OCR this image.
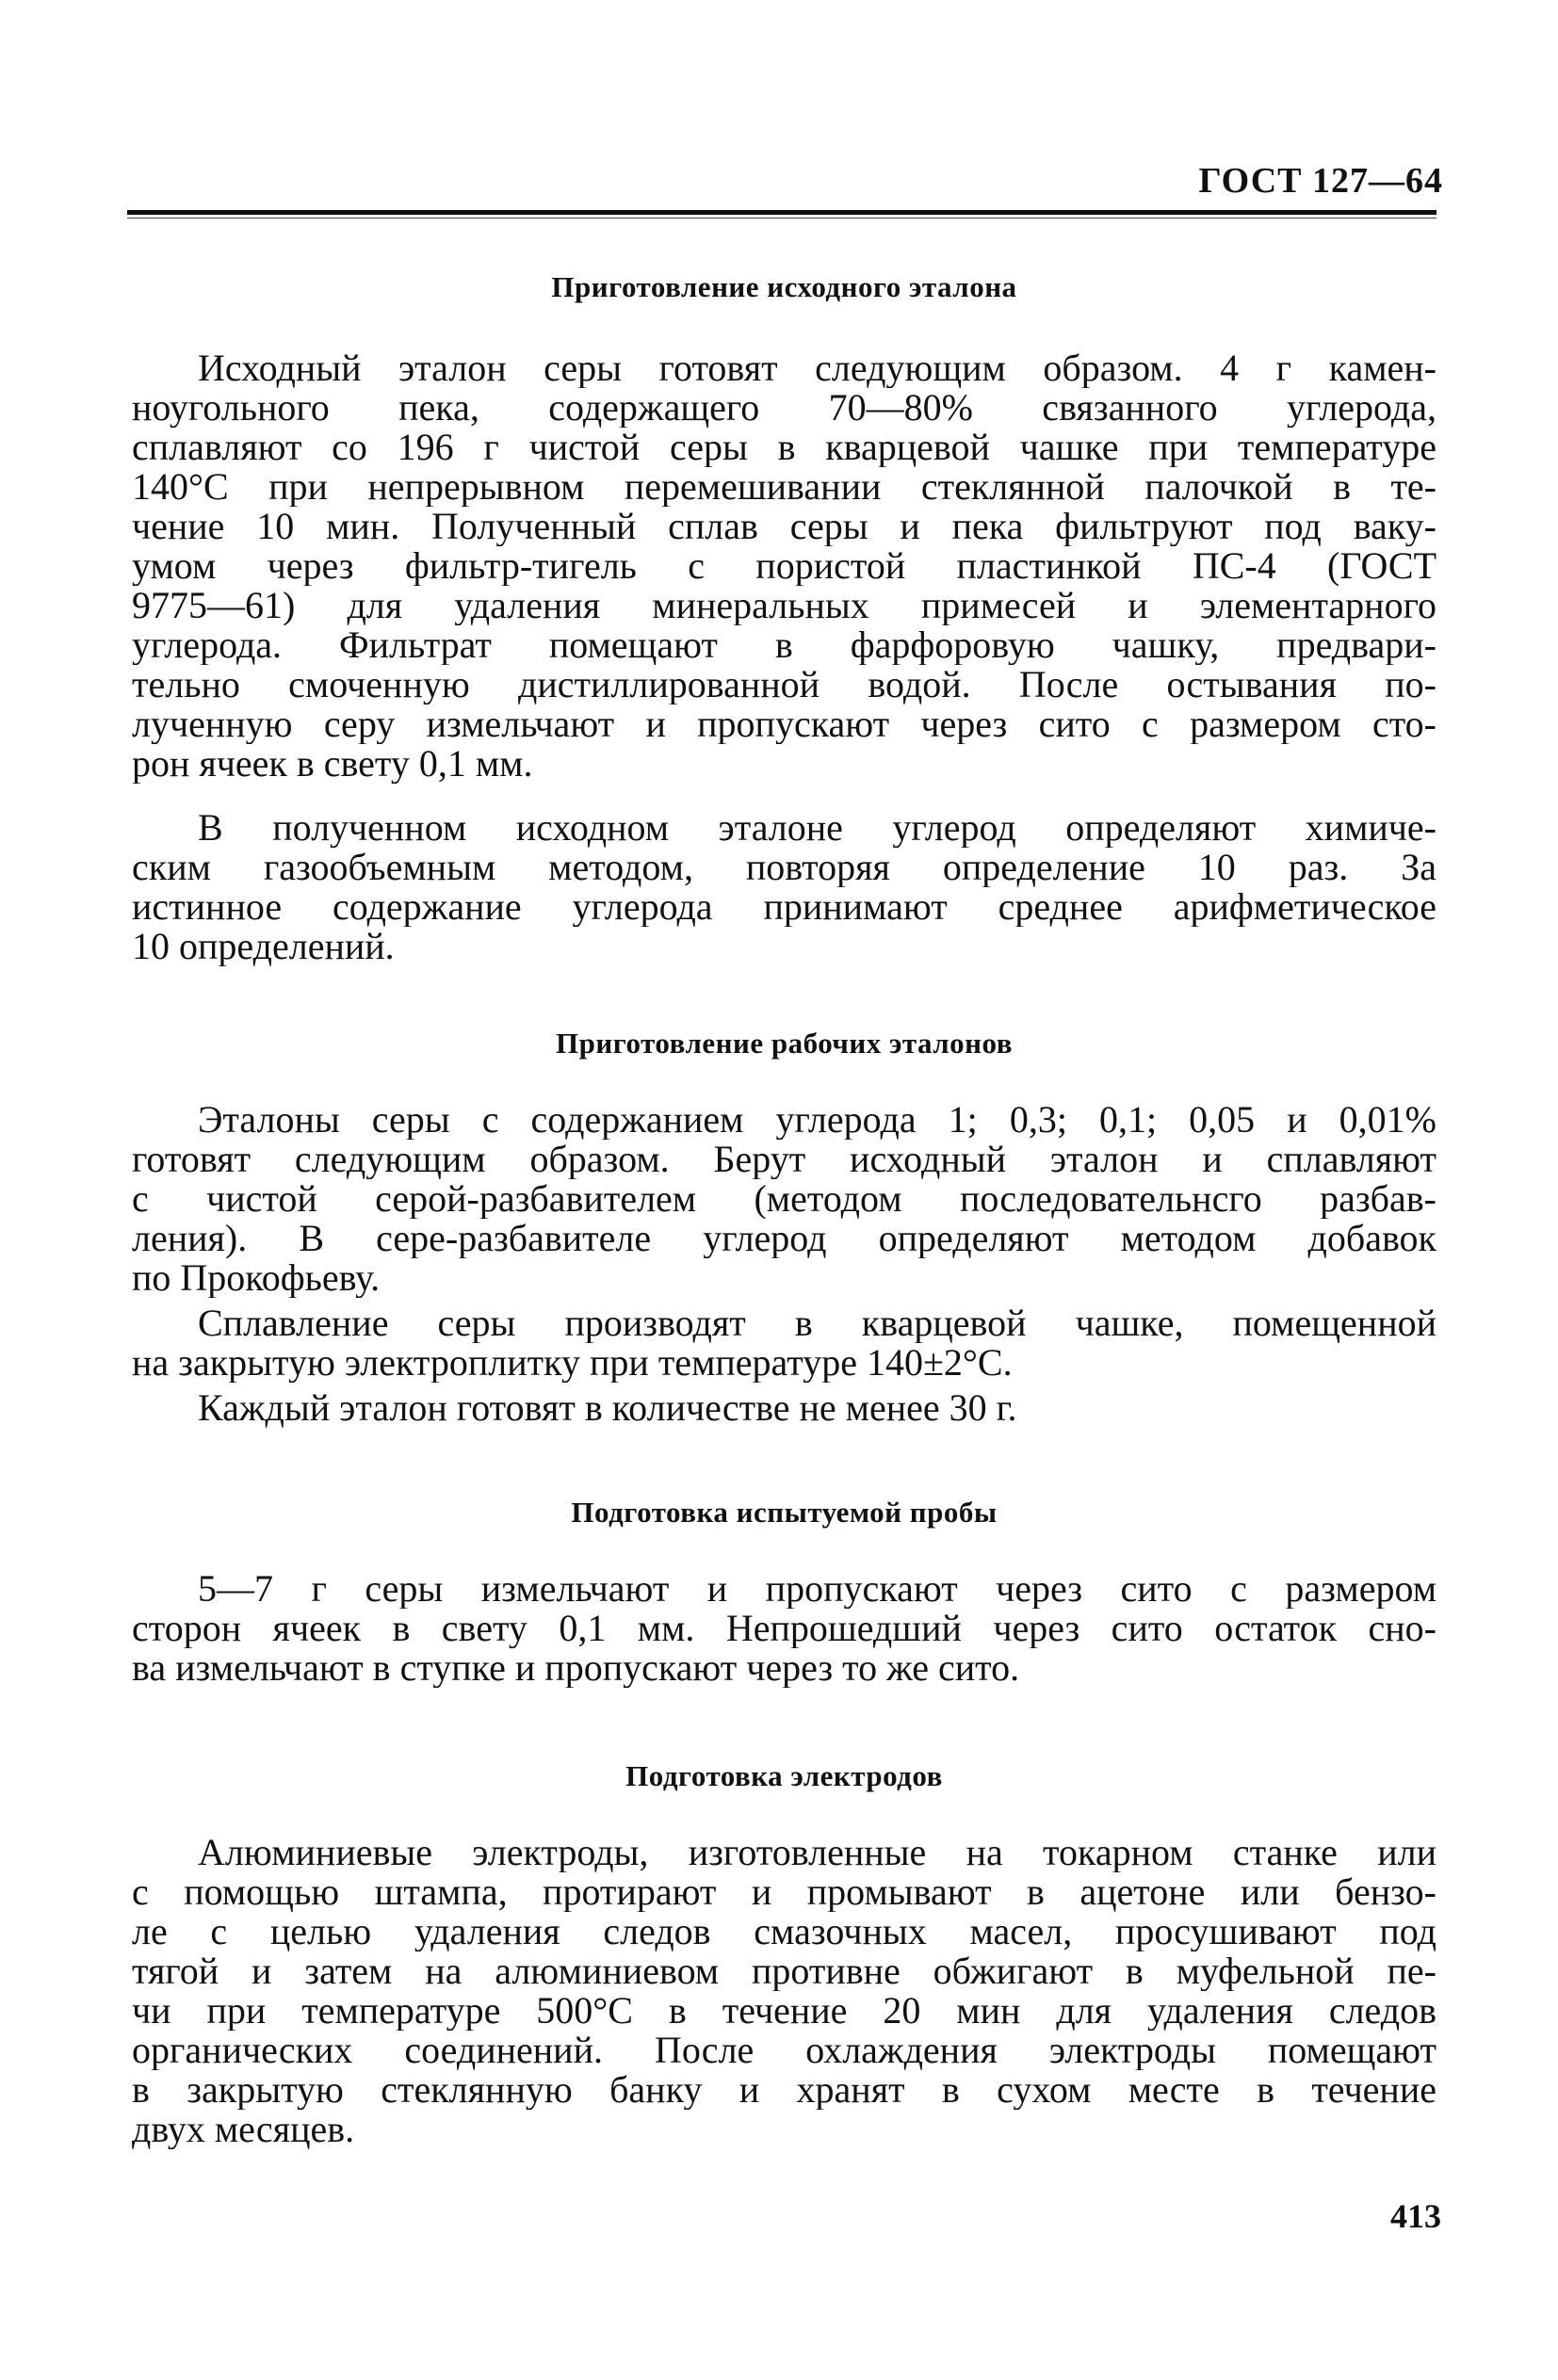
ГОСТ 127—64
Приготовление исходного эталона
Исходный эталон серы готовят следующим образом. 4 г камен-
ноугольного пека, содержащего 70—80% связанного углерода,
сплавляют со 196 г чистой серы в кварцевой чашке при температуре
140°С при непрерывном перемешивании стеклянной палочкой в те-
чение 10 мин. Полученный сплав серы и пека фильтруют под ваку-
умом через фильтр-тигель с пористой пластинкой ПС-4 (ГОСТ
9775—61) для удаления минеральных примесей и элементарного
углерода. Фильтрат помещают в фарфоровую чашку, предвари-
тельно смоченную дистиллированной водой. После остывания по-
лученную серу измельчают и пропускают через сито с размером сто-
рон ячеек в свету 0,1 мм.
В полученном исходном эталоне углерод определяют химиче-
ским газообъемным методом, повторяя определение 10 раз. За
истинное содержание углерода принимают среднее арифметическое
10 определений.
Приготовление рабочих эталонов
Эталоны серы с содержанием углерода 1; 0,3; 0,1; 0,05 и 0,01%
готовят следующим образом. Берут исходный эталон и сплавляют
с чистой серой-разбавителем (методом последовательнсго разбав-
ления). В сере-разбавителе углерод определяют методом добавок
по Прокофьеву.
Сплавление серы производят в кварцевой чашке, помещенной
на закрытую электроплитку при температуре 140±2°С.
Каждый эталон готовят в количестве не менее 30 г.
Подготовка испытуемой пробы
5—7 г серы измельчают и пропускают через сито с размером
сторон ячеек в свету 0,1 мм. Непрошедший через сито остаток сно-
ва измельчают в ступке и пропускают через то же сито.
Подготовка электродов
Алюминиевые электроды, изготовленные на токарном станке или
с помощью штампа, протирают и промывают в ацетоне или бензо-
ле с целью удаления следов смазочных масел, просушивают под
тягой и затем на алюминиевом противне обжигают в муфельной пе-
чи при температуре 500°С в течение 20 мин для удаления следов
органических соединений. После охлаждения электроды помещают
в закрытую стеклянную банку и хранят в сухом месте в течение
двух месяцев.
413
